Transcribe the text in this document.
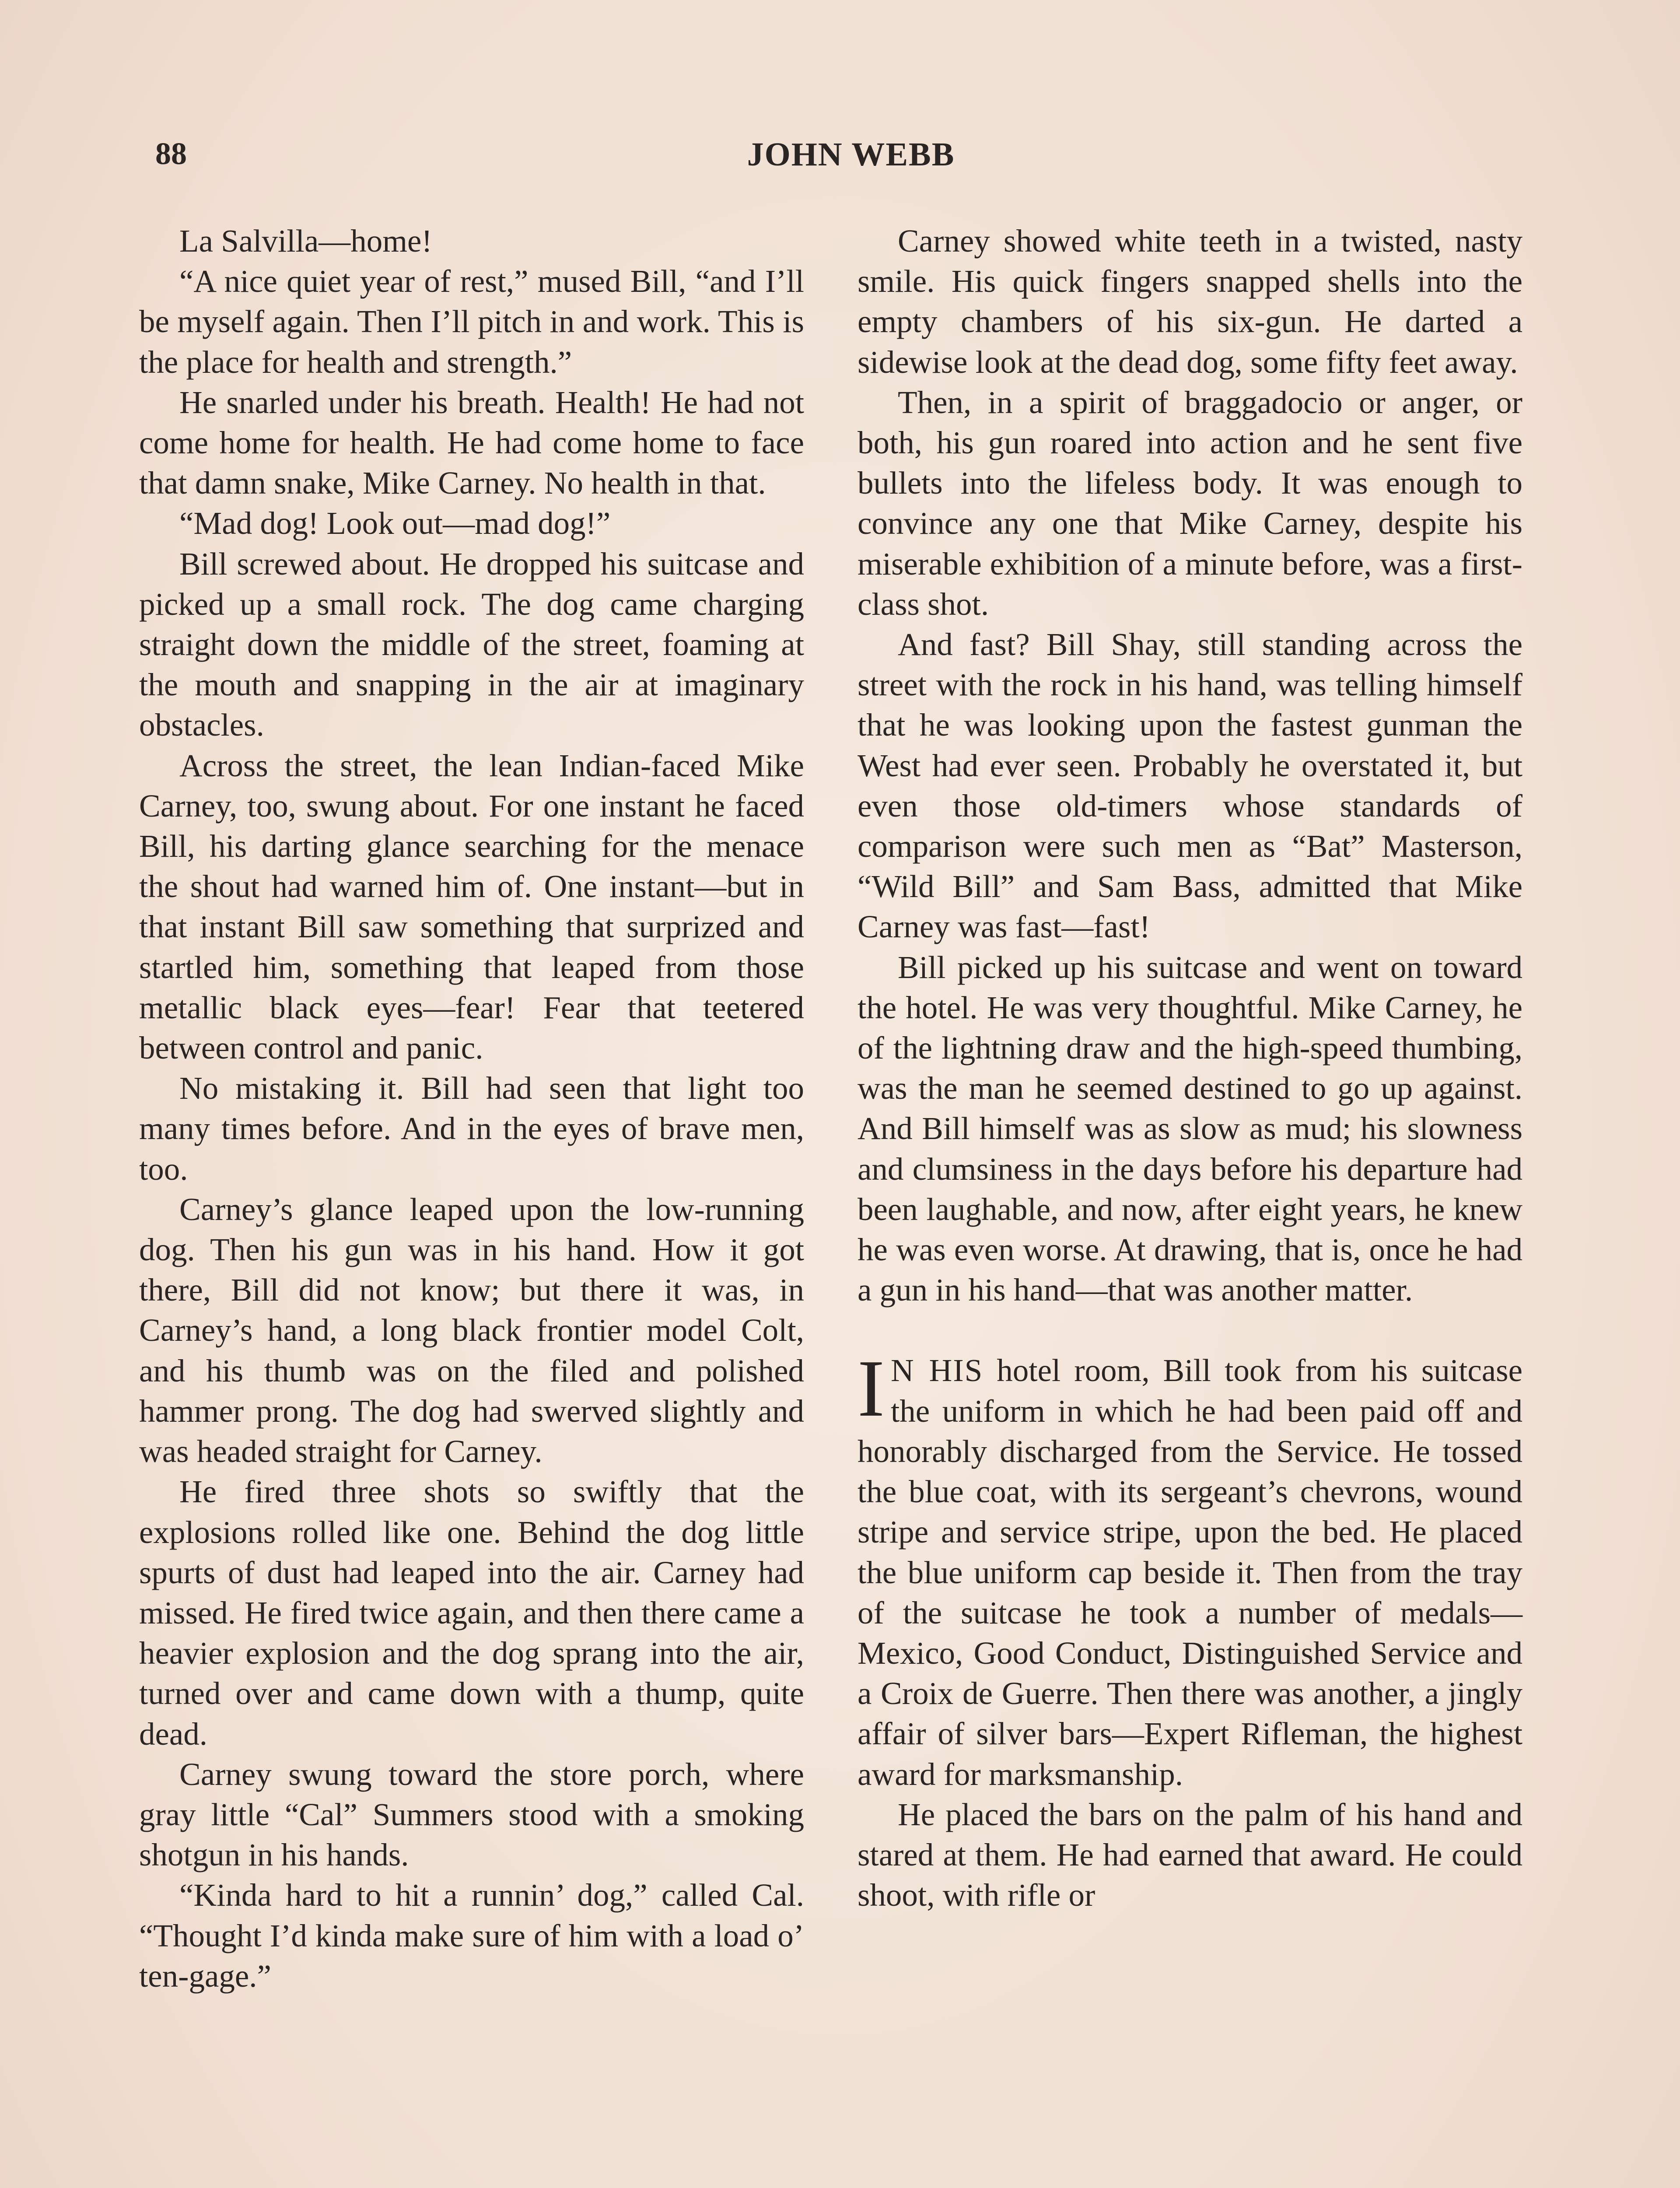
88	JOHN WEBB

La Salvilla—home!

“A nice quiet year of rest,” mused Bill, “and I’ll be myself again. Then I’ll pitch in and work. This is the place for health and strength.”

He snarled under his breath. Health! He had not come home for health. He had come home to face that damn snake, Mike Carney. No health in that.

“Mad dog! Look out—mad dog!”

Bill screwed about. He dropped his suitcase and picked up a small rock. The dog came charging straight down the middle of the street, foaming at the mouth and snapping in the air at imaginary obstacles.

Across the street, the lean Indian-faced Mike Carney, too, swung about. For one instant he faced Bill, his darting glance searching for the menace the shout had warned him of. One instant—but in that instant Bill saw something that surprized and startled him, something that leaped from those metallic black eyes—fear! Fear that teetered between control and panic.

No mistaking it. Bill had seen that light too many times before. And in the eyes of brave men, too.

Carney’s glance leaped upon the low-running dog. Then his gun was in his hand. How it got there, Bill did not know; but there it was, in Carney’s hand, a long black frontier model Colt, and his thumb was on the filed and polished hammer prong. The dog had swerved slightly and was headed straight for Carney.

He fired three shots so swiftly that the explosions rolled like one. Behind the dog little spurts of dust had leaped into the air. Carney had missed. He fired twice again, and then there came a heavier explosion and the dog sprang into the air, turned over and came down with a thump, quite dead.

Carney swung toward the store porch, where gray little “Cal” Summers stood with a smoking shotgun in his hands.

“Kinda hard to hit a runnin’ dog,” called Cal. “Thought I’d kinda make sure of him with a load o’ ten-gage.”

Carney showed white teeth in a twisted, nasty smile. His quick fingers snapped shells into the empty chambers of his six-gun. He darted a sidewise look at the dead dog, some fifty feet away.

Then, in a spirit of braggadocio or anger, or both, his gun roared into action and he sent five bullets into the lifeless body. It was enough to convince any one that Mike Carney, despite his miserable exhibition of a minute before, was a first-class shot.

And fast? Bill Shay, still standing across the street with the rock in his hand, was telling himself that he was looking upon the fastest gunman the West had ever seen. Probably he overstated it, but even those old-timers whose standards of comparison were such men as “Bat” Masterson, “Wild Bill” and Sam Bass, admitted that Mike Carney was fast—fast!

Bill picked up his suitcase and went on toward the hotel. He was very thoughtful. Mike Carney, he of the lightning draw and the high-speed thumbing, was the man he seemed destined to go up against. And Bill himself was as slow as mud; his slowness and clumsiness in the days before his departure had been laughable, and now, after eight years, he knew he was even worse. At drawing, that is, once he had a gun in his hand—that was another matter.

I N HIS hotel room, Bill took from his suitcase the uniform in which he had been paid off and honorably discharged from the Service. He tossed the blue coat, with its sergeant’s chevrons, wound stripe and service stripe, upon the bed. He placed the blue uniform cap beside it. Then from the tray of the suitcase he took a number of medals—Mexico, Good Conduct, Distinguished Service and a Croix de Guerre. Then there was another, a jingly affair of silver bars—Expert Rifleman, the highest award for marksmanship.

He placed the bars on the palm of his hand and stared at them. He had earned that award. He could shoot, with rifle or
